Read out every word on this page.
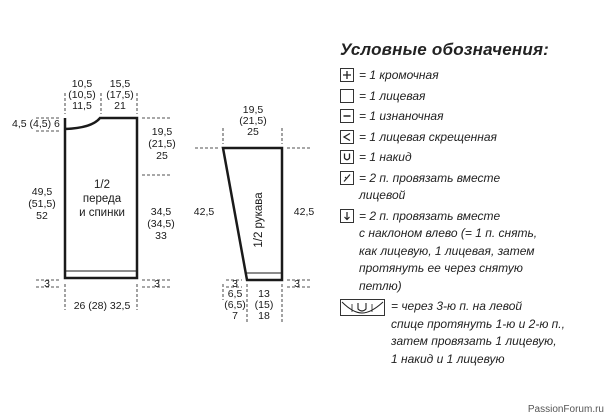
10,5
(10,5)
11,5
15,5
(17,5)
21
4,5 (4,5) 6
19,5
(21,5)
25
49,5
(51,5)
52	34,5
(34,5)
33
1/2
переда
и спинки
3	3
26 (28) 32,5
19,5
(21,5)
25
42,5	42,5
1/2 рукава
3	3
6,5
(6,5)
7
13
(15)
18
Условные обозначения:
= 1 кромочная
= 1 лицевая
= 1 изнаночная
= 1 лицевая скрещенная
= 1 накид
= 2 п. провязать вместе
лицевой
= 2 п. провязать вместе
с наклоном влево (= 1 п. снять,
как лицевую, 1 лицевая, затем
протянуть ее через снятую
петлю)
= через 3-ю п. на левой
спице протянуть 1-ю и 2-ю п.,
затем провязать 1 лицевую,
1 накид и 1 лицевую
PassionForum.ru
